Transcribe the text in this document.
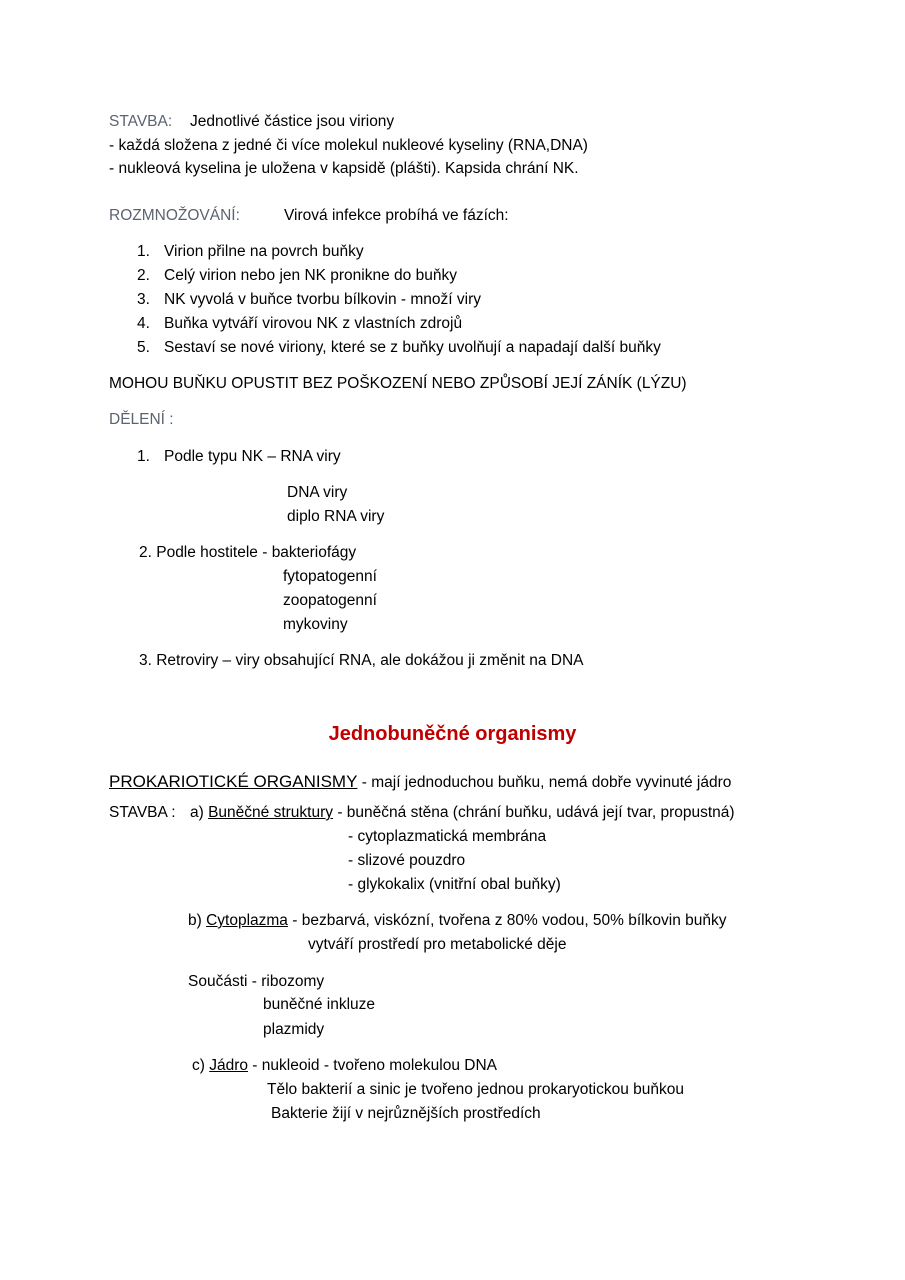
STAVBA: Jednotlivé částice jsou viriony
- každá složena z jedné či více molekul nukleové kyseliny (RNA,DNA)
- nukleová kyselina je uložena v kapsidě (plášti). Kapsida chrání NK.
ROZMNOŽOVÁNÍ:	Virová infekce probíhá ve fázích:
1. Virion přilne na povrch buňky
2. Celý virion nebo jen NK pronikne do buňky
3. NK vyvolá v buňce tvorbu bílkovin - množí viry
4. Buňka vytváří virovou NK z vlastních zdrojů
5. Sestaví se nové viriony, které se z buňky uvolňují a napadají další buňky
MOHOU BUŇKU OPUSTIT BEZ POŠKOZENÍ NEBO ZPŮSOBÍ JEJÍ ZÁNÍK (LÝZU)
DĚLENÍ :
1. Podle typu NK – RNA viry
DNA viry
diplo RNA viry
2. Podle hostitele - bakteriofágy
fytopatogenní
zoopatogenní
mykoviny
3. Retroviry – viry obsahující RNA, ale dokážou ji změnit na DNA
Jednobuněčné organismy
PROKARIOTICKÉ ORGANISMY - mají jednoduchou buňku, nemá dobře vyvinuté jádro
STAVBA : a) Buněčné struktury - buněčná stěna (chrání buňku, udává její tvar, propustná)
- cytoplazmatická membrána
- slizové pouzdro
- glykokalix (vnitřní obal buňky)
b) Cytoplazma - bezbarvá, viskózní, tvořena z 80% vodou, 50% bílkovin buňky
vytváří prostředí pro metabolické děje
Součásti - ribozomy
buněčné inkluze
plazmidy
c) Jádro - nukleoid - tvořeno molekulou DNA
Tělo bakterií a sinic je tvořeno jednou prokaryotickou buňkou
Bakterie žijí v nejrůznějších prostředích
